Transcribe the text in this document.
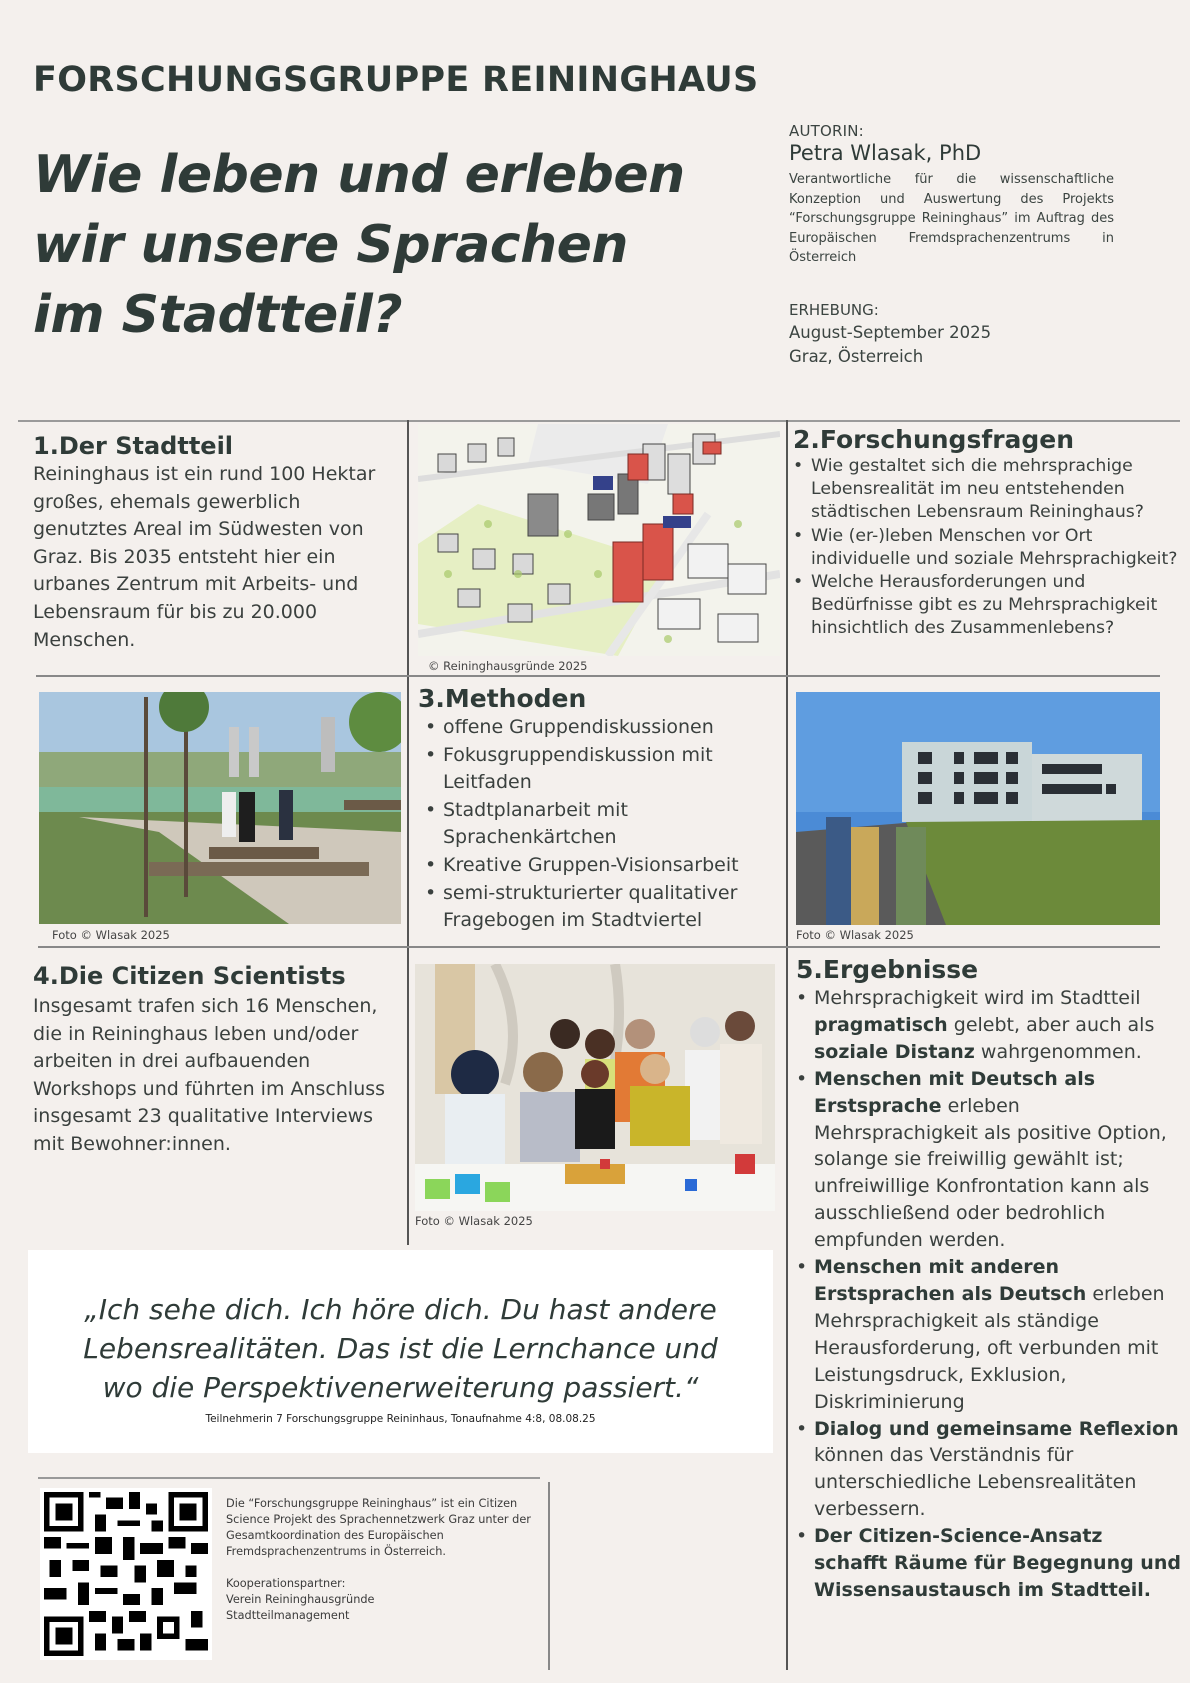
FORSCHUNGSGRUPPE REININGHAUS
Wie leben und erleben
wir unsere Sprachen
im Stadtteil?
AUTORIN:
Petra Wlasak, PhD
Verantwortliche für die wissenschaftliche Konzeption und Auswertung des Projekts “Forschungsgruppe Reininghaus” im Auftrag des Europäischen Fremdsprachenzentrums in Österreich
ERHEBUNG:
August-September 2025
Graz, Österreich
1.Der Stadtteil
Reininghaus ist ein rund 100 Hektar großes, ehemals gewerblich genutztes Areal im Südwesten von Graz. Bis 2035 entsteht hier ein urbanes Zentrum mit Arbeits- und Lebensraum für bis zu 20.000 Menschen.
© Reininghausgründe 2025
2.Forschungsfragen
• Wie gestaltet sich die mehrsprachige Lebensrealität im neu entstehenden städtischen Lebensraum Reininghaus?
• Wie (er-)leben Menschen vor Ort individuelle und soziale Mehrsprachigkeit?
• Welche Herausforderungen und Bedürfnisse gibt es zu Mehrsprachigkeit hinsichtlich des Zusammenlebens?
Foto © Wlasak 2025
3.Methoden
• offene Gruppendiskussionen
• Fokusgruppendiskussion mit Leitfaden
• Stadtplanarbeit mit Sprachenkärtchen
• Kreative Gruppen-Visionsarbeit
• semi-strukturierter qualitativer Fragebogen im Stadtviertel
Foto © Wlasak 2025
4.Die Citizen Scientists
Insgesamt trafen sich 16 Menschen, die in Reininghaus leben und/oder arbeiten in drei aufbauenden Workshops und führten im Anschluss insgesamt 23 qualitative Interviews mit Bewohner:innen.
Foto © Wlasak 2025
5.Ergebnisse
• Mehrsprachigkeit wird im Stadtteil pragmatisch gelebt, aber auch als soziale Distanz wahrgenommen.
• Menschen mit Deutsch als Erstsprache erleben Mehrsprachigkeit als positive Option, solange sie freiwillig gewählt ist; unfreiwillige Konfrontation kann als ausschließend oder bedrohlich empfunden werden.
• Menschen mit anderen Erstsprachen als Deutsch erleben Mehrsprachigkeit als ständige Herausforderung, oft verbunden mit Leistungsdruck, Exklusion, Diskriminierung
• Dialog und gemeinsame Reflexion können das Verständnis für unterschiedliche Lebensrealitäten verbessern.
• Der Citizen-Science-Ansatz schafft Räume für Begegnung und Wissensaustausch im Stadtteil.
„Ich sehe dich. Ich höre dich. Du hast andere Lebensrealitäten. Das ist die Lernchance und wo die Perspektivenerweiterung passiert.“
Teilnehmerin 7 Forschungsgruppe Reininhaus, Tonaufnahme 4:8, 08.08.25
Die “Forschungsgruppe Reininghaus” ist ein Citizen Science Projekt des Sprachennetzwerk Graz unter der Gesamtkoordination des Europäischen Fremdsprachenzentrums in Österreich.
Kooperationspartner:
Verein Reininghausgründe
Stadtteilmanagement
